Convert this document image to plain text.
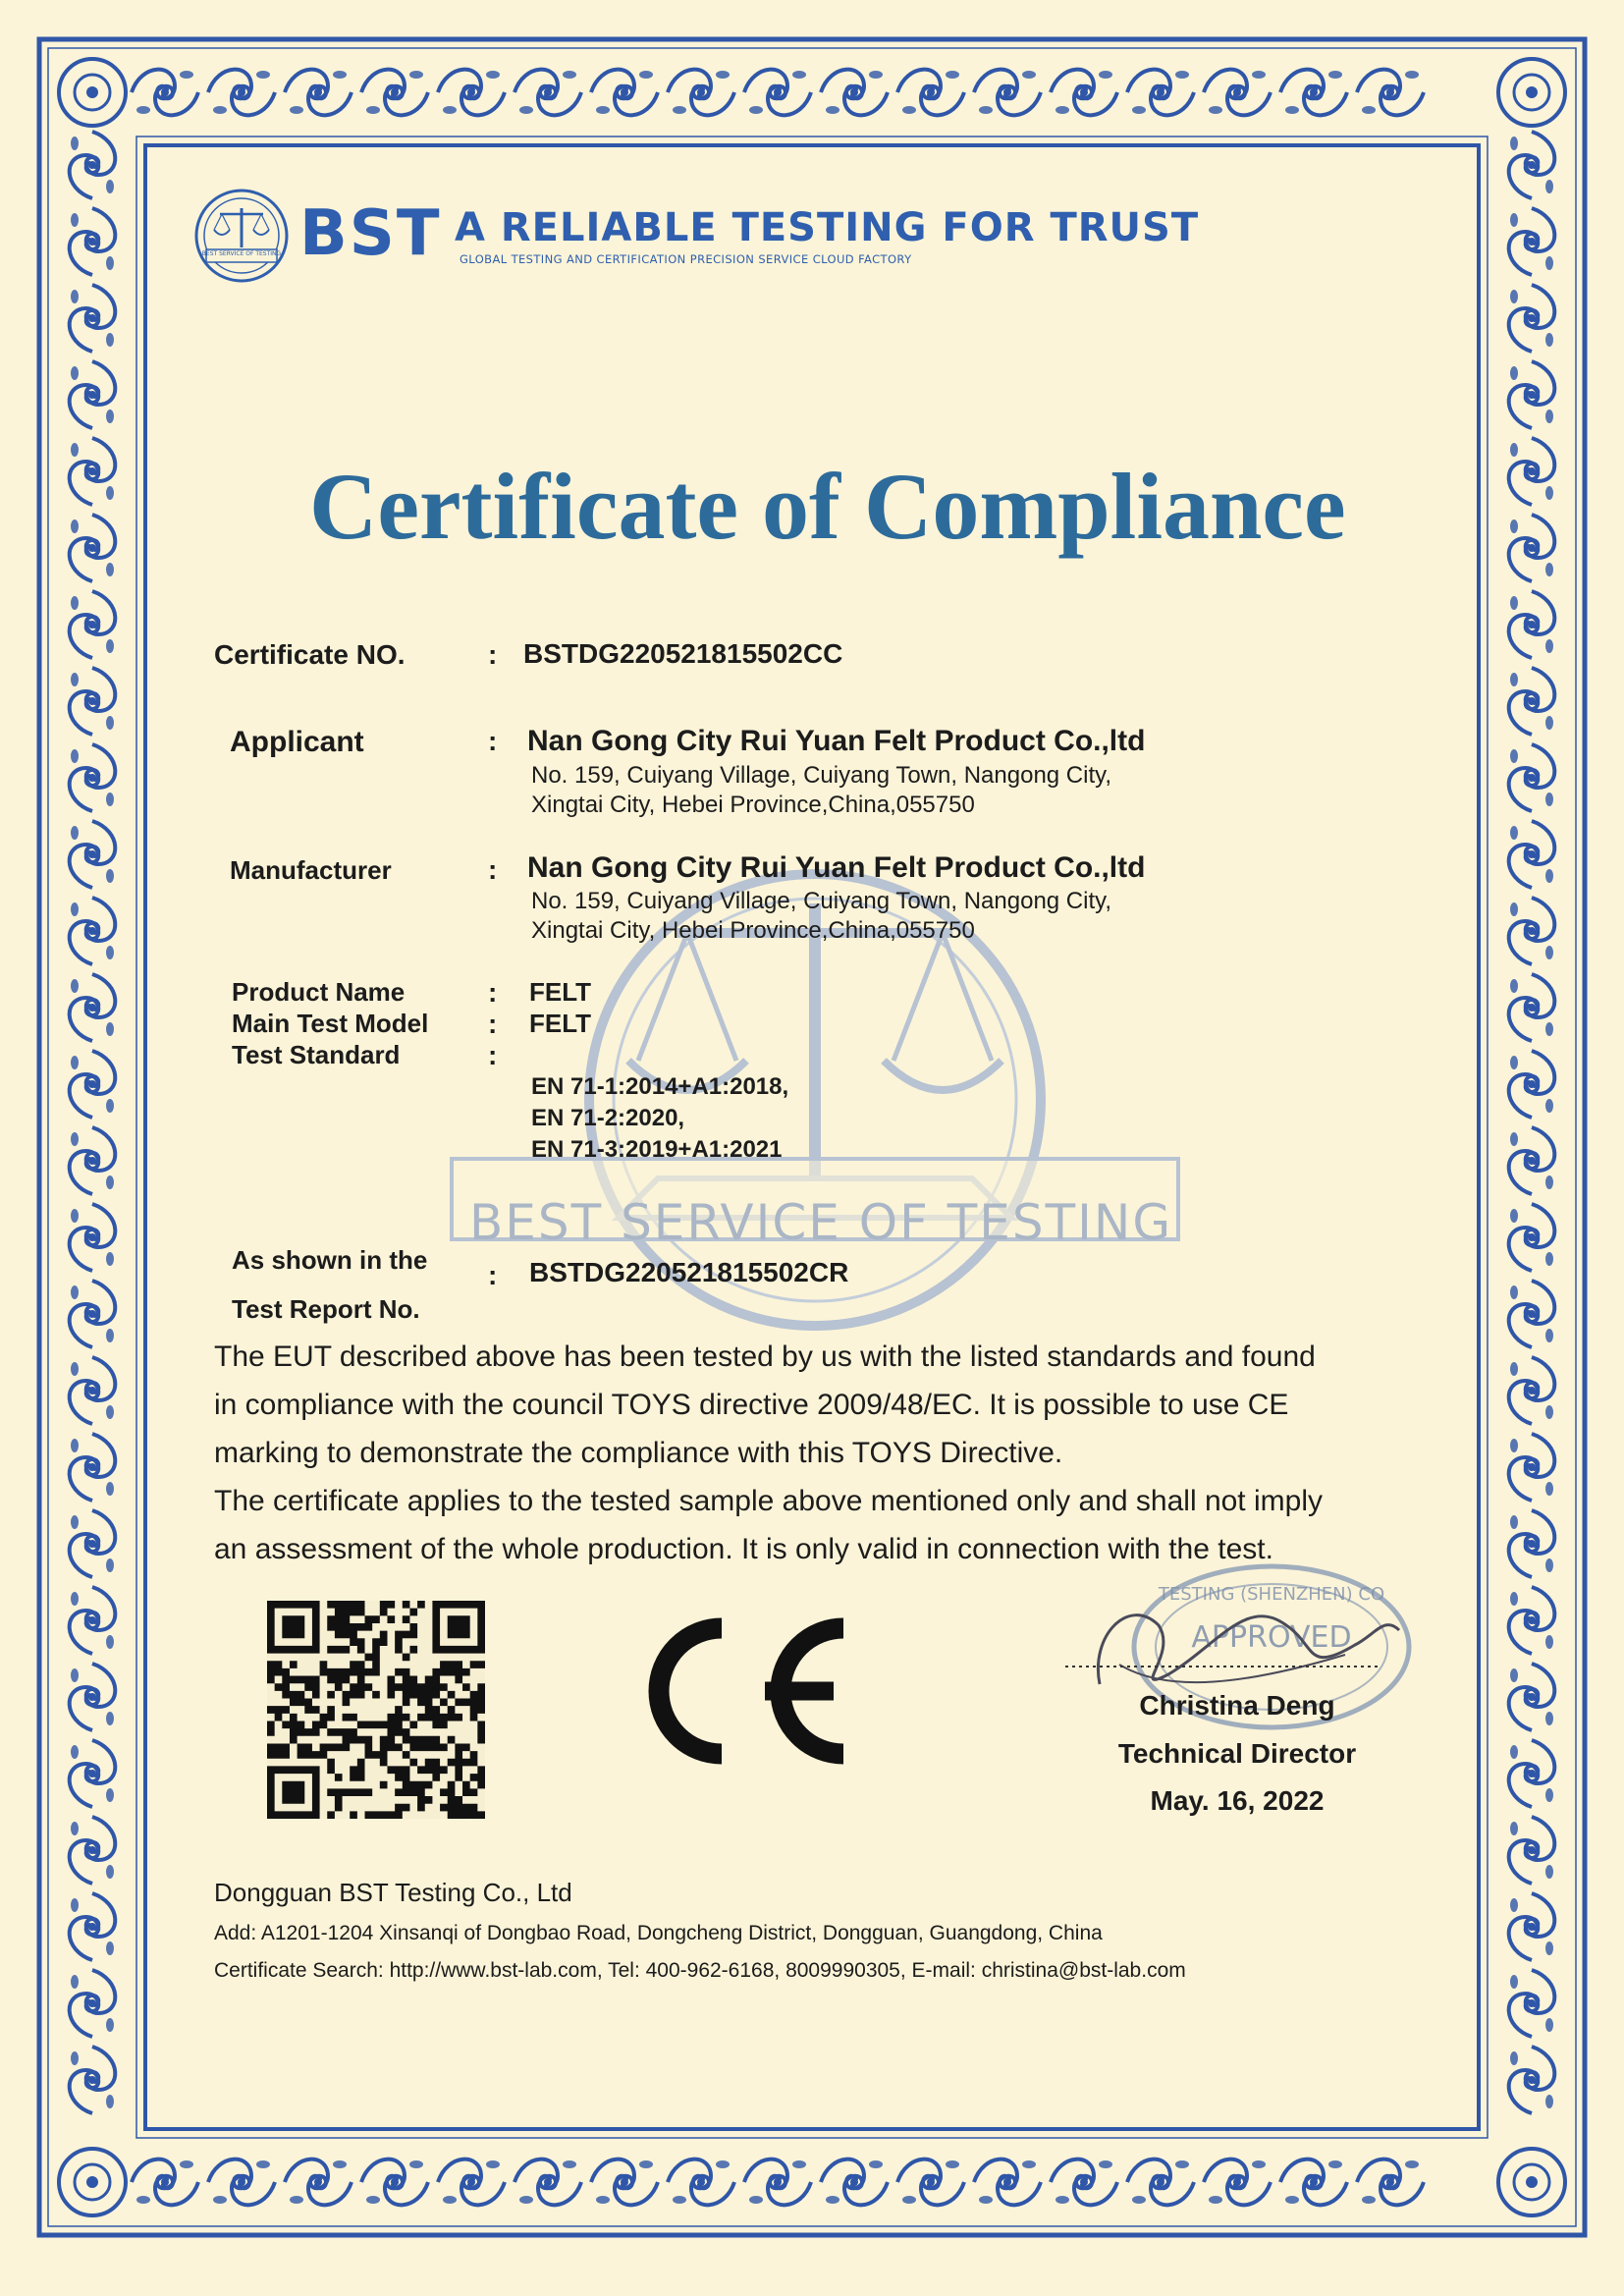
BEST SERVICE OF TESTING
BEST SERVICE OF TESTING BST A RELIABLE TESTING FOR TRUST
GLOBAL TESTING AND CERTIFICATION PRECISION SERVICE CLOUD FACTORY
Certificate of Compliance
Certificate NO.	: BSTDG220521815502CC
Applicant	: Nan Gong City Rui Yuan Felt Product Co.,ltd
No. 159, Cuiyang Village, Cuiyang Town, Nangong City,
Xingtai City, Hebei Province,China,055750
Manufacturer	: Nan Gong City Rui Yuan Felt Product Co.,ltd
No. 159, Cuiyang Village, Cuiyang Town, Nangong City,
Xingtai City, Hebei Province,China,055750
Product Name	: FELT
Main Test Model : FELT
Test Standard	:
EN 71-1:2014+A1:2018,
EN 71-2:2020,
EN 71-3:2019+A1:2021
As shown in the
Test Report No.
: BSTDG220521815502CR
The EUT described above has been tested by us with the listed standards and found
in compliance with the council TOYS directive 2009/48/EC. It is possible to use CE
marking to demonstrate the compliance with this TOYS Directive.
The certificate applies to the tested sample above mentioned only and shall not imply
an assessment of the whole production. It is only valid in connection with the test.
APPROVED
TESTING (SHENZHEN) CO
Christina Deng
Technical Director
May. 16, 2022
Dongguan BST Testing Co., Ltd
Add: A1201-1204 Xinsanqi of Dongbao Road, Dongcheng District, Dongguan, Guangdong, China
Certificate Search: http://www.bst-lab.com, Tel: 400-962-6168, 8009990305, E-mail: christina@bst-lab.com
